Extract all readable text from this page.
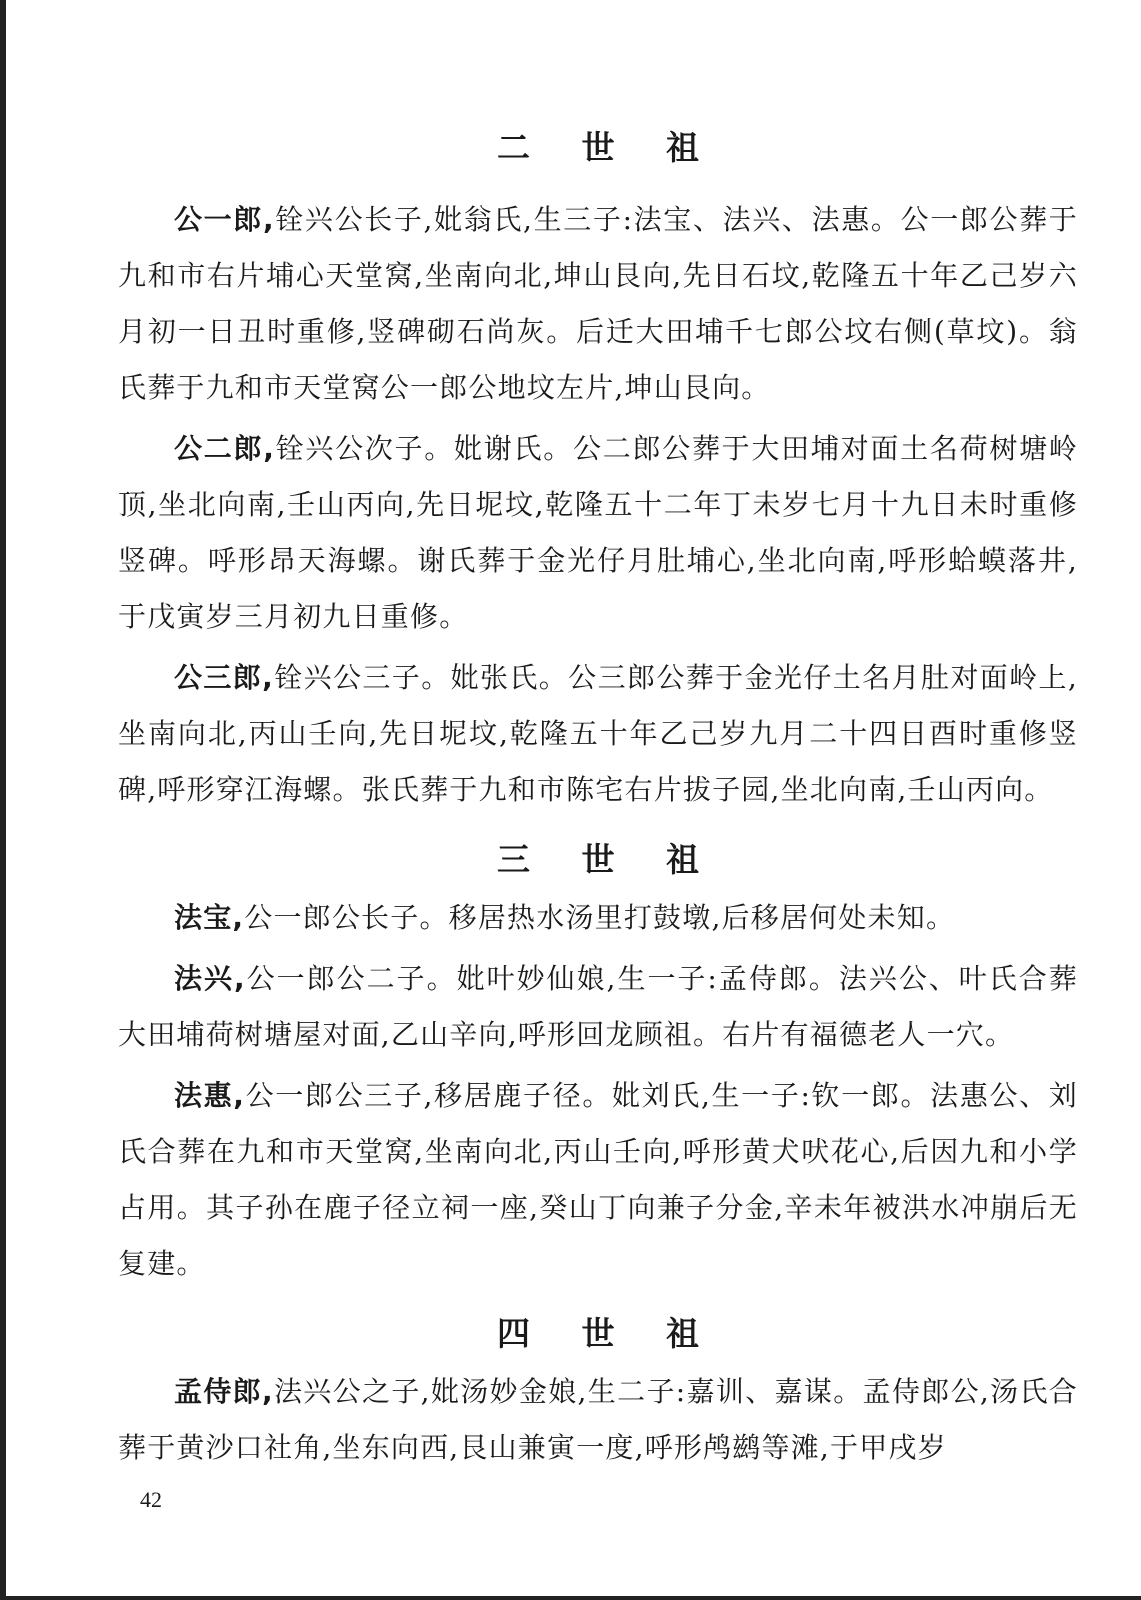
二 世 祖

公一郎,铨兴公长子,妣翁氏,生三子:法宝、法兴、法惠。公一郎公葬于九和市右片埔心天堂窝,坐南向北,坤山艮向,先日石坟,乾隆五十年乙己岁六月初一日丑时重修,竖碑砌石尚灰。后迁大田埔千七郎公坟右侧(草坟)。翁氏葬于九和市天堂窝公一郎公地坟左片,坤山艮向。

公二郎,铨兴公次子。妣谢氏。公二郎公葬于大田埔对面土名荷树塘岭顶,坐北向南,壬山丙向,先日坭坟,乾隆五十二年丁未岁七月十九日未时重修竖碑。呼形昂天海螺。谢氏葬于金光仔月肚埔心,坐北向南,呼形蛤蟆落井,于戊寅岁三月初九日重修。

公三郎,铨兴公三子。妣张氏。公三郎公葬于金光仔土名月肚对面岭上,坐南向北,丙山壬向,先日坭坟,乾隆五十年乙己岁九月二十四日酉时重修竖碑,呼形穿江海螺。张氏葬于九和市陈宅右片拔子园,坐北向南,壬山丙向。

三 世 祖

法宝,公一郎公长子。移居热水汤里打鼓墩,后移居何处未知。

法兴,公一郎公二子。妣叶妙仙娘,生一子:孟侍郎。法兴公、叶氏合葬大田埔荷树塘屋对面,乙山辛向,呼形回龙顾祖。右片有福德老人一穴。

法惠,公一郎公三子,移居鹿子径。妣刘氏,生一子:钦一郎。法惠公、刘氏合葬在九和市天堂窝,坐南向北,丙山壬向,呼形黄犬吠花心,后因九和小学占用。其子孙在鹿子径立祠一座,癸山丁向兼子分金,辛未年被洪水冲崩后无复建。

四 世 祖

孟侍郎,法兴公之子,妣汤妙金娘,生二子:嘉训、嘉谋。孟侍郎公,汤氏合葬于黄沙口社角,坐东向西,艮山兼寅一度,呼形鸬鹚等滩,于甲戌岁

42
